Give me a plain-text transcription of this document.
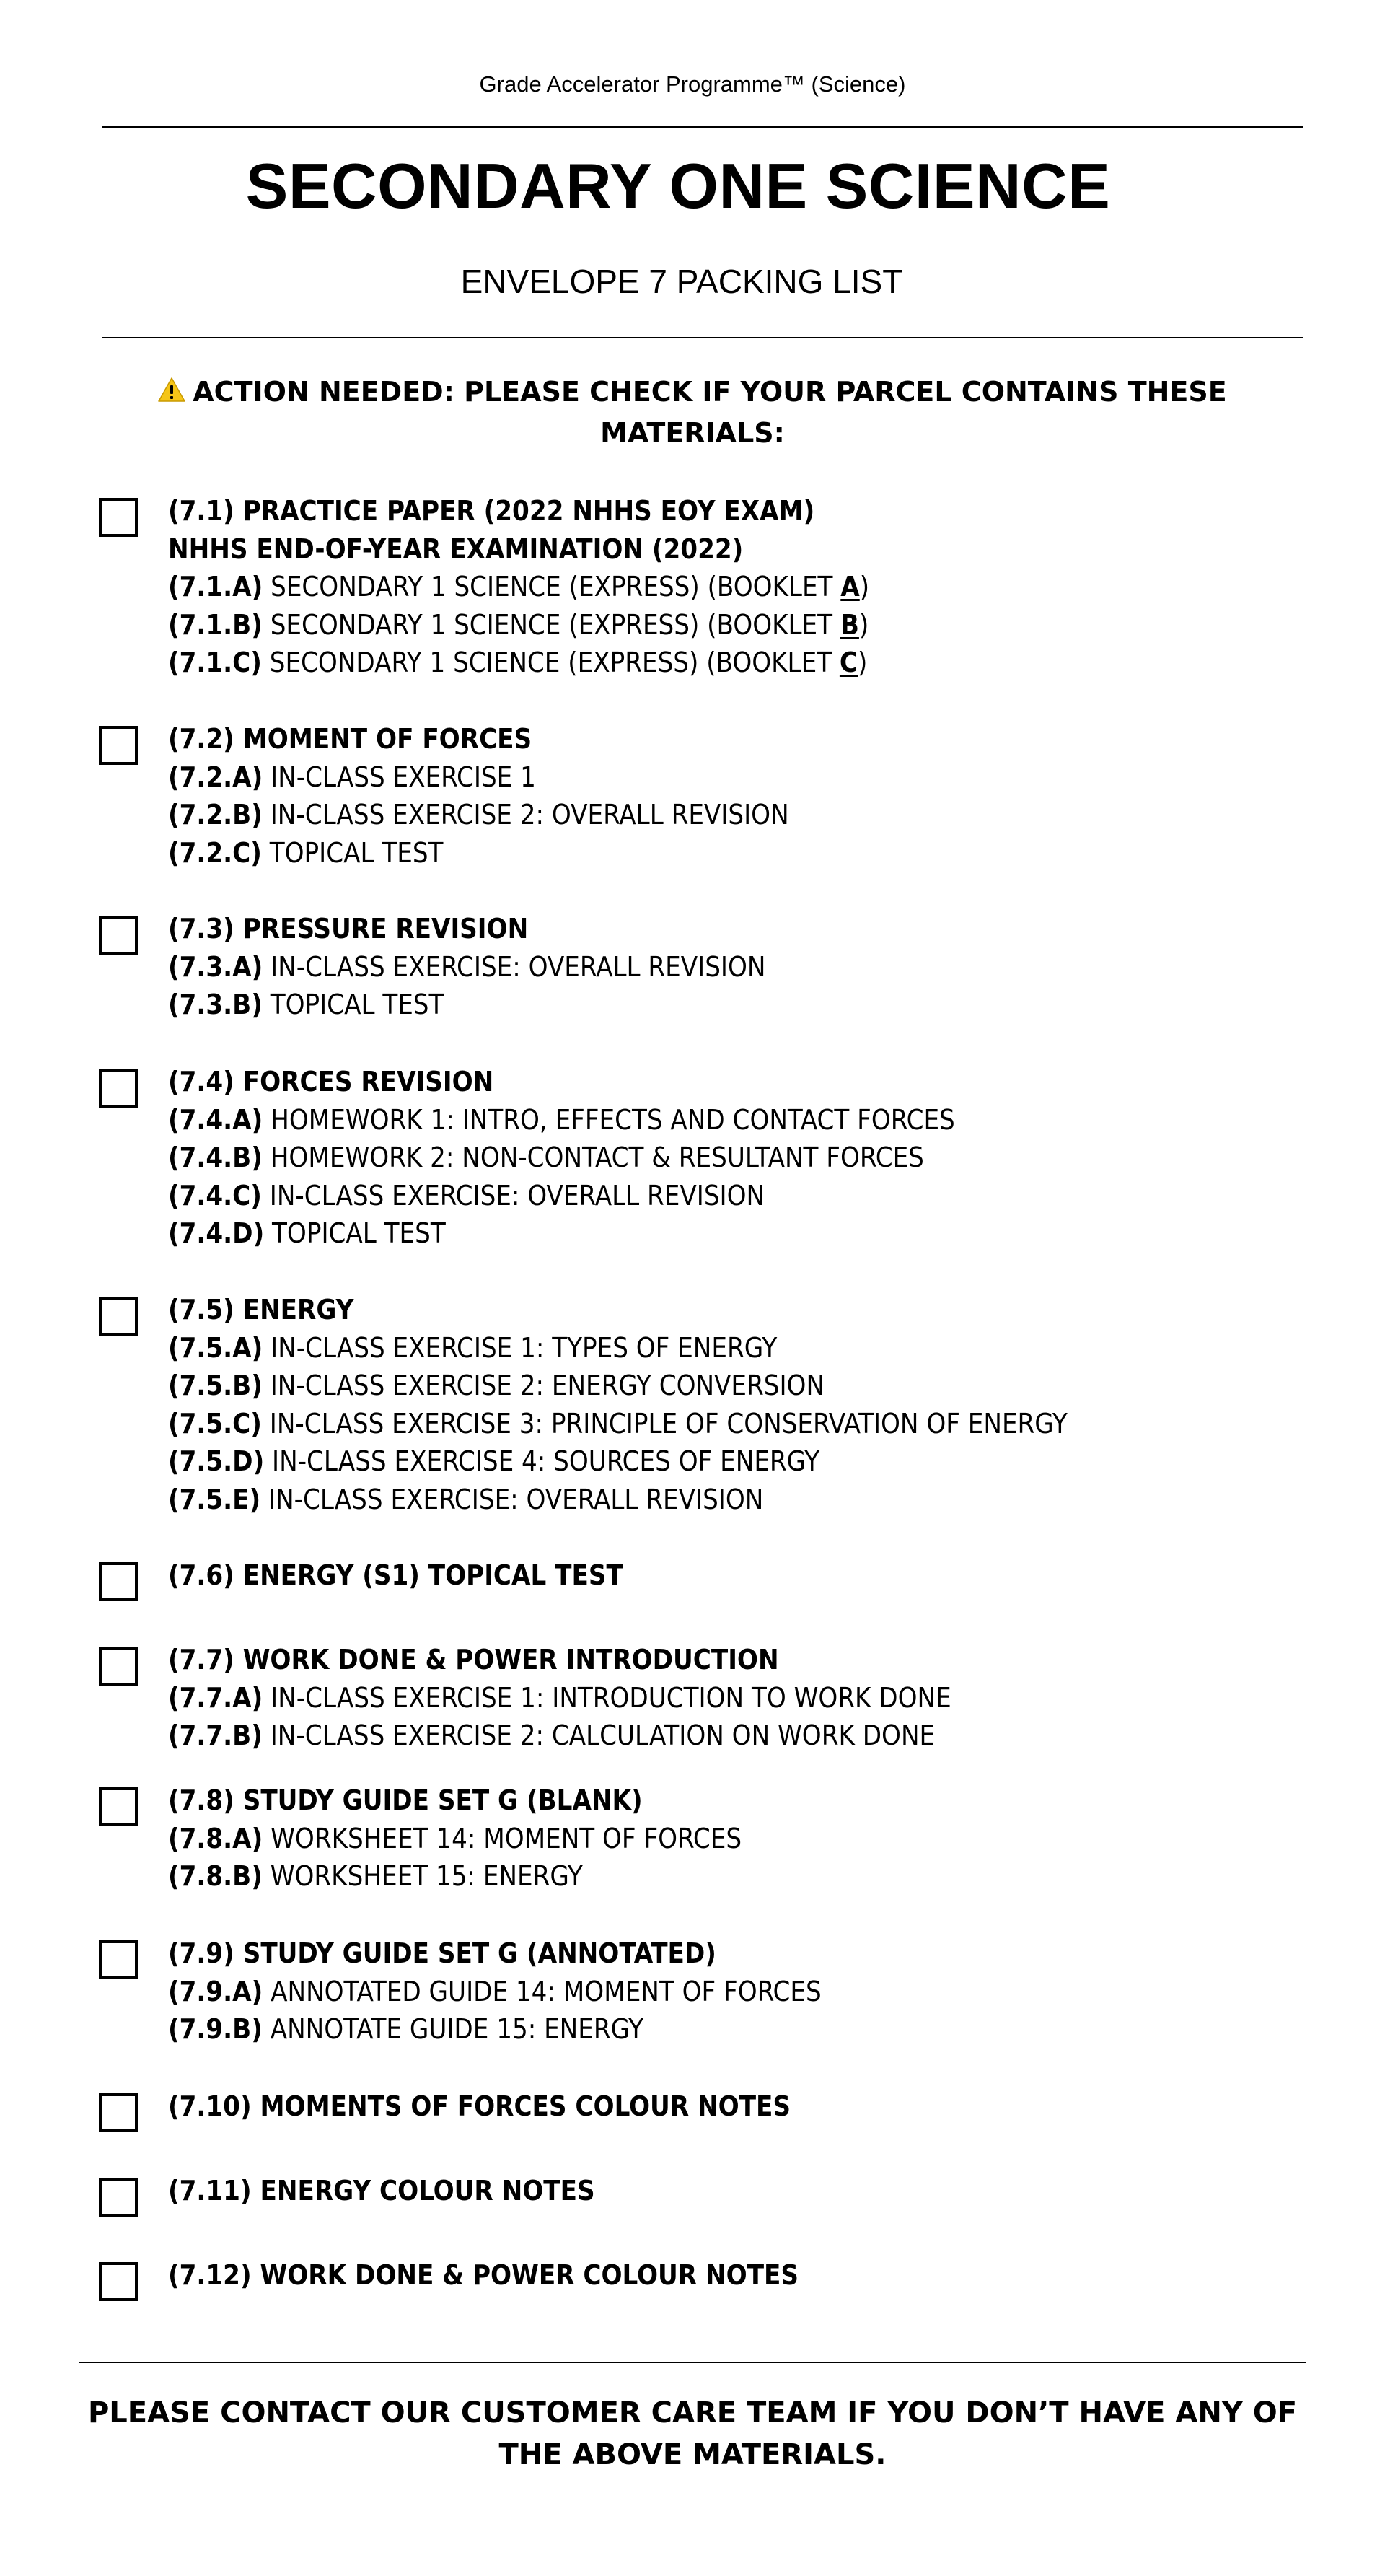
Grade Accelerator Programme™ (Science)
SECONDARY ONE SCIENCE
ENVELOPE 7 PACKING LIST
ACTION NEEDED: PLEASE CHECK IF YOUR PARCEL CONTAINS THESE MATERIALS:
(7.1) PRACTICE PAPER (2022 NHHS EOY EXAM)
NHHS END-OF-YEAR EXAMINATION (2022)
(7.1.A) SECONDARY 1 SCIENCE (EXPRESS) (BOOKLET A)
(7.1.B) SECONDARY 1 SCIENCE (EXPRESS) (BOOKLET B)
(7.1.C) SECONDARY 1 SCIENCE (EXPRESS) (BOOKLET C)
(7.2) MOMENT OF FORCES
(7.2.A) IN-CLASS EXERCISE 1
(7.2.B) IN-CLASS EXERCISE 2: OVERALL REVISION
(7.2.C) TOPICAL TEST
(7.3) PRESSURE REVISION
(7.3.A) IN-CLASS EXERCISE: OVERALL REVISION
(7.3.B) TOPICAL TEST
(7.4) FORCES REVISION
(7.4.A) HOMEWORK 1: INTRO, EFFECTS AND CONTACT FORCES
(7.4.B) HOMEWORK 2: NON-CONTACT & RESULTANT FORCES
(7.4.C) IN-CLASS EXERCISE: OVERALL REVISION
(7.4.D) TOPICAL TEST
(7.5) ENERGY
(7.5.A) IN-CLASS EXERCISE 1: TYPES OF ENERGY
(7.5.B) IN-CLASS EXERCISE 2: ENERGY CONVERSION
(7.5.C) IN-CLASS EXERCISE 3: PRINCIPLE OF CONSERVATION OF ENERGY
(7.5.D) IN-CLASS EXERCISE 4: SOURCES OF ENERGY
(7.5.E) IN-CLASS EXERCISE: OVERALL REVISION
(7.6) ENERGY (S1) TOPICAL TEST
(7.7) WORK DONE & POWER INTRODUCTION
(7.7.A) IN-CLASS EXERCISE 1: INTRODUCTION TO WORK DONE
(7.7.B) IN-CLASS EXERCISE 2: CALCULATION ON WORK DONE
(7.8) STUDY GUIDE SET G (BLANK)
(7.8.A) WORKSHEET 14: MOMENT OF FORCES
(7.8.B) WORKSHEET 15: ENERGY
(7.9) STUDY GUIDE SET G (ANNOTATED)
(7.9.A) ANNOTATED GUIDE 14: MOMENT OF FORCES
(7.9.B) ANNOTATE GUIDE 15: ENERGY
(7.10) MOMENTS OF FORCES COLOUR NOTES
(7.11) ENERGY COLOUR NOTES
(7.12) WORK DONE & POWER COLOUR NOTES
PLEASE CONTACT OUR CUSTOMER CARE TEAM IF YOU DON’T HAVE ANY OF THE ABOVE MATERIALS.
